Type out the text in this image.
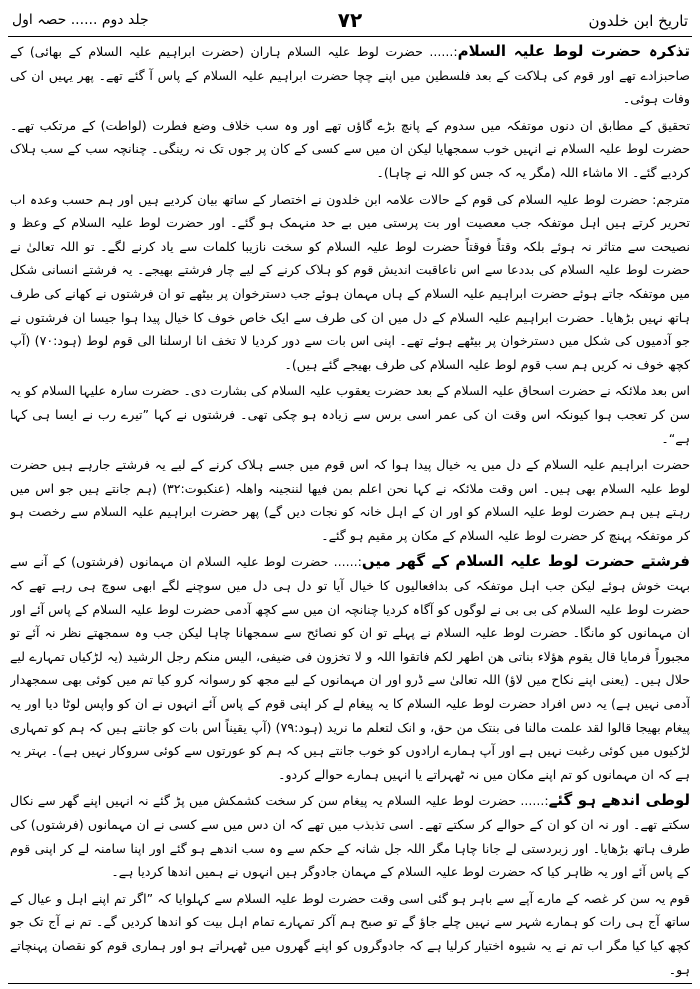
جلد دوم ...... حصہ اول	۷۲	تاریخ ابن خلدون

تذکرہ حضرت لوط علیہ السلام:...... حضرت لوط علیہ السلام ہاران (حضرت ابراہیم علیہ السلام کے بھائی) کے صاحبزادے تھے اور قوم کی ہلاکت کے بعد فلسطین میں اپنے چچا حضرت ابراہیم علیہ السلام کے پاس آ گئے تھے۔ پھر یہیں ان کی وفات ہوئی۔

تحقیق کے مطابق ان دنوں موتفکہ میں سدوم کے پانچ بڑے گاؤں تھے اور وہ سب خلاف وضع فطرت (لواطت) کے مرتکب تھے۔ حضرت لوط علیہ السلام نے انہیں خوب سمجھایا لیکن ان میں سے کسی کے کان پر جوں تک نہ رینگی۔ چنانچہ سب کے سب ہلاک کردیے گئے۔ الا ماشاء اللہ (مگر یہ کہ جس کو اللہ نے چاہا)۔

مترجم: حضرت لوط علیہ السلام کی قوم کے حالات علامہ ابن خلدون نے اختصار کے ساتھ بیان کردیے ہیں اور ہم حسب وعدہ اب تحریر کرتے ہیں اہل موتفکہ جب معصیت اور بت پرستی میں بے حد منہمک ہو گئے۔ اور حضرت لوط علیہ السلام کے وعظ و نصیحت سے متاثر نہ ہوئے بلکہ وقتاً فوقتاً حضرت لوط علیہ السلام کو سخت نازیبا کلمات سے یاد کرنے لگے۔ تو اللہ تعالیٰ نے حضرت لوط علیہ السلام کی بددعا سے اس ناعاقبت اندیش قوم کو ہلاک کرنے کے لیے چار فرشتے بھیجے۔ یہ فرشتے انسانی شکل میں موتفکہ جاتے ہوئے حضرت ابراہیم علیہ السلام کے ہاں مہمان ہوئے جب دسترخوان پر بیٹھے تو ان فرشتوں نے کھانے کی طرف ہاتھ نہیں بڑھایا۔ حضرت ابراہیم علیہ السلام کے دل میں ان کی طرف سے ایک خاص خوف کا خیال پیدا ہوا جیسا ان فرشتوں نے جو آدمیوں کی شکل میں دسترخوان پر بیٹھے ہوئے تھے۔ اپنی اس بات سے دور کردیا لا تخف انا ارسلنا الی قوم لوط (ہود:۷۰) (آپ کچھ خوف نہ کریں ہم سب قوم لوط علیہ السلام کی طرف بھیجے گئے ہیں)۔

اس بعد ملائکہ نے حضرت اسحاق علیہ السلام کے بعد حضرت یعقوب علیہ السلام کی بشارت دی۔ حضرت سارہ علیہا السلام کو یہ سن کر تعجب ہوا کیونکہ اس وقت ان کی عمر اسی برس سے زیادہ ہو چکی تھی۔ فرشتوں نے کہا ”تیرے رب نے ایسا ہی کہا ہے“۔

حضرت ابراہیم علیہ السلام کے دل میں یہ خیال پیدا ہوا کہ اس قوم میں جسے ہلاک کرنے کے لیے یہ فرشتے جارہے ہیں حضرت لوط علیہ السلام بھی ہیں۔ اس وقت ملائکہ نے کہا نحن اعلم بمن فیھا لننجینہ واھلہ (عنکبوت:۳۲) (ہم جانتے ہیں جو اس میں رہتے ہیں ہم حضرت لوط علیہ السلام کو اور ان کے اہل خانہ کو نجات دیں گے) پھر حضرت ابراہیم علیہ السلام سے رخصت ہو کر موتفکہ پہنچ کر حضرت لوط علیہ السلام کے مکان پر مقیم ہو گئے۔

فرشتے حضرت لوط علیہ السلام کے گھر میں:...... حضرت لوط علیہ السلام ان مہمانوں (فرشتوں) کے آنے سے بہت خوش ہوئے لیکن جب اہل موتفکہ کی بدافعالیوں کا خیال آیا تو دل ہی دل میں سوچنے لگے ابھی سوچ ہی رہے تھے کہ حضرت لوط علیہ السلام کی بی بی نے لوگوں کو آگاہ کردیا چنانچہ ان میں سے کچھ آدمی حضرت لوط علیہ السلام کے پاس آئے اور ان مہمانوں کو مانگا۔ حضرت لوط علیہ السلام نے پہلے تو ان کو نصائح سے سمجھانا چاہا لیکن جب وہ سمجھتے نظر نہ آئے تو مجبوراً فرمایا قال یقوم ھؤلاء بناتی ھن اطھر لکم فاتقوا اللہ و لا تخزون فی ضیفی، الیس منکم رجل الرشید (یہ لڑکیاں تمہارے لیے حلال ہیں۔ (یعنی اپنے نکاح میں لاؤ) اللہ تعالیٰ سے ڈرو اور ان مہمانوں کے لیے مجھ کو رسوانہ کرو کیا تم میں کوئی بھی سمجھدار آدمی نہیں ہے) یہ دس افراد حضرت لوط علیہ السلام کا یہ پیغام لے کر اپنی قوم کے پاس آئے انہوں نے ان کو واپس لوٹا دیا اور یہ پیغام بھیجا قالوا لقد علمت مالنا فی بنتک من حق، و انک لتعلم ما نرید (ہود:۷۹) (آپ یقیناً اس بات کو جانتے ہیں کہ ہم کو تمہاری لڑکیوں میں کوئی رغبت نہیں ہے اور آپ ہمارے ارادوں کو خوب جانتے ہیں کہ ہم کو عورتوں سے کوئی سروکار نہیں ہے)۔ بہتر یہ ہے کہ ان مہمانوں کو تم اپنے مکان میں نہ ٹھہراتے یا انہیں ہمارے حوالے کردو۔

لوطی اندھے ہو گئے:...... حضرت لوط علیہ السلام یہ پیغام سن کر سخت کشمکش میں پڑ گئے نہ انہیں اپنے گھر سے نکال سکتے تھے۔ اور نہ ان کو ان کے حوالے کر سکتے تھے۔ اسی تذبذب میں تھے کہ ان دس میں سے کسی نے ان مہمانوں (فرشتوں) کی طرف ہاتھ بڑھایا۔ اور زبردستی لے جانا چاہا مگر اللہ جل شانہ کے حکم سے وہ سب اندھے ہو گئے اور اپنا سامنہ لے کر اپنی قوم کے پاس آئے اور یہ ظاہر کیا کہ حضرت لوط علیہ السلام کے مہمان جادوگر ہیں انہوں نے ہمیں اندھا کردیا ہے۔

قوم یہ سن کر غصہ کے مارے آپے سے باہر ہو گئی اسی وقت حضرت لوط علیہ السلام سے کہلوایا کہ ”اگر تم اپنے اہل و عیال کے ساتھ آج ہی رات کو ہمارے شہر سے نہیں چلے جاؤ گے تو صبح ہم آکر تمہارے تمام اہل بیت کو اندھا کردیں گے۔ تم نے آج تک جو کچھ کیا کیا مگر اب تم نے یہ شیوہ اختیار کرلیا ہے کہ جادوگروں کو اپنے گھروں میں ٹھہراتے ہو اور ہماری قوم کو نقصان پہنچاتے ہو۔
